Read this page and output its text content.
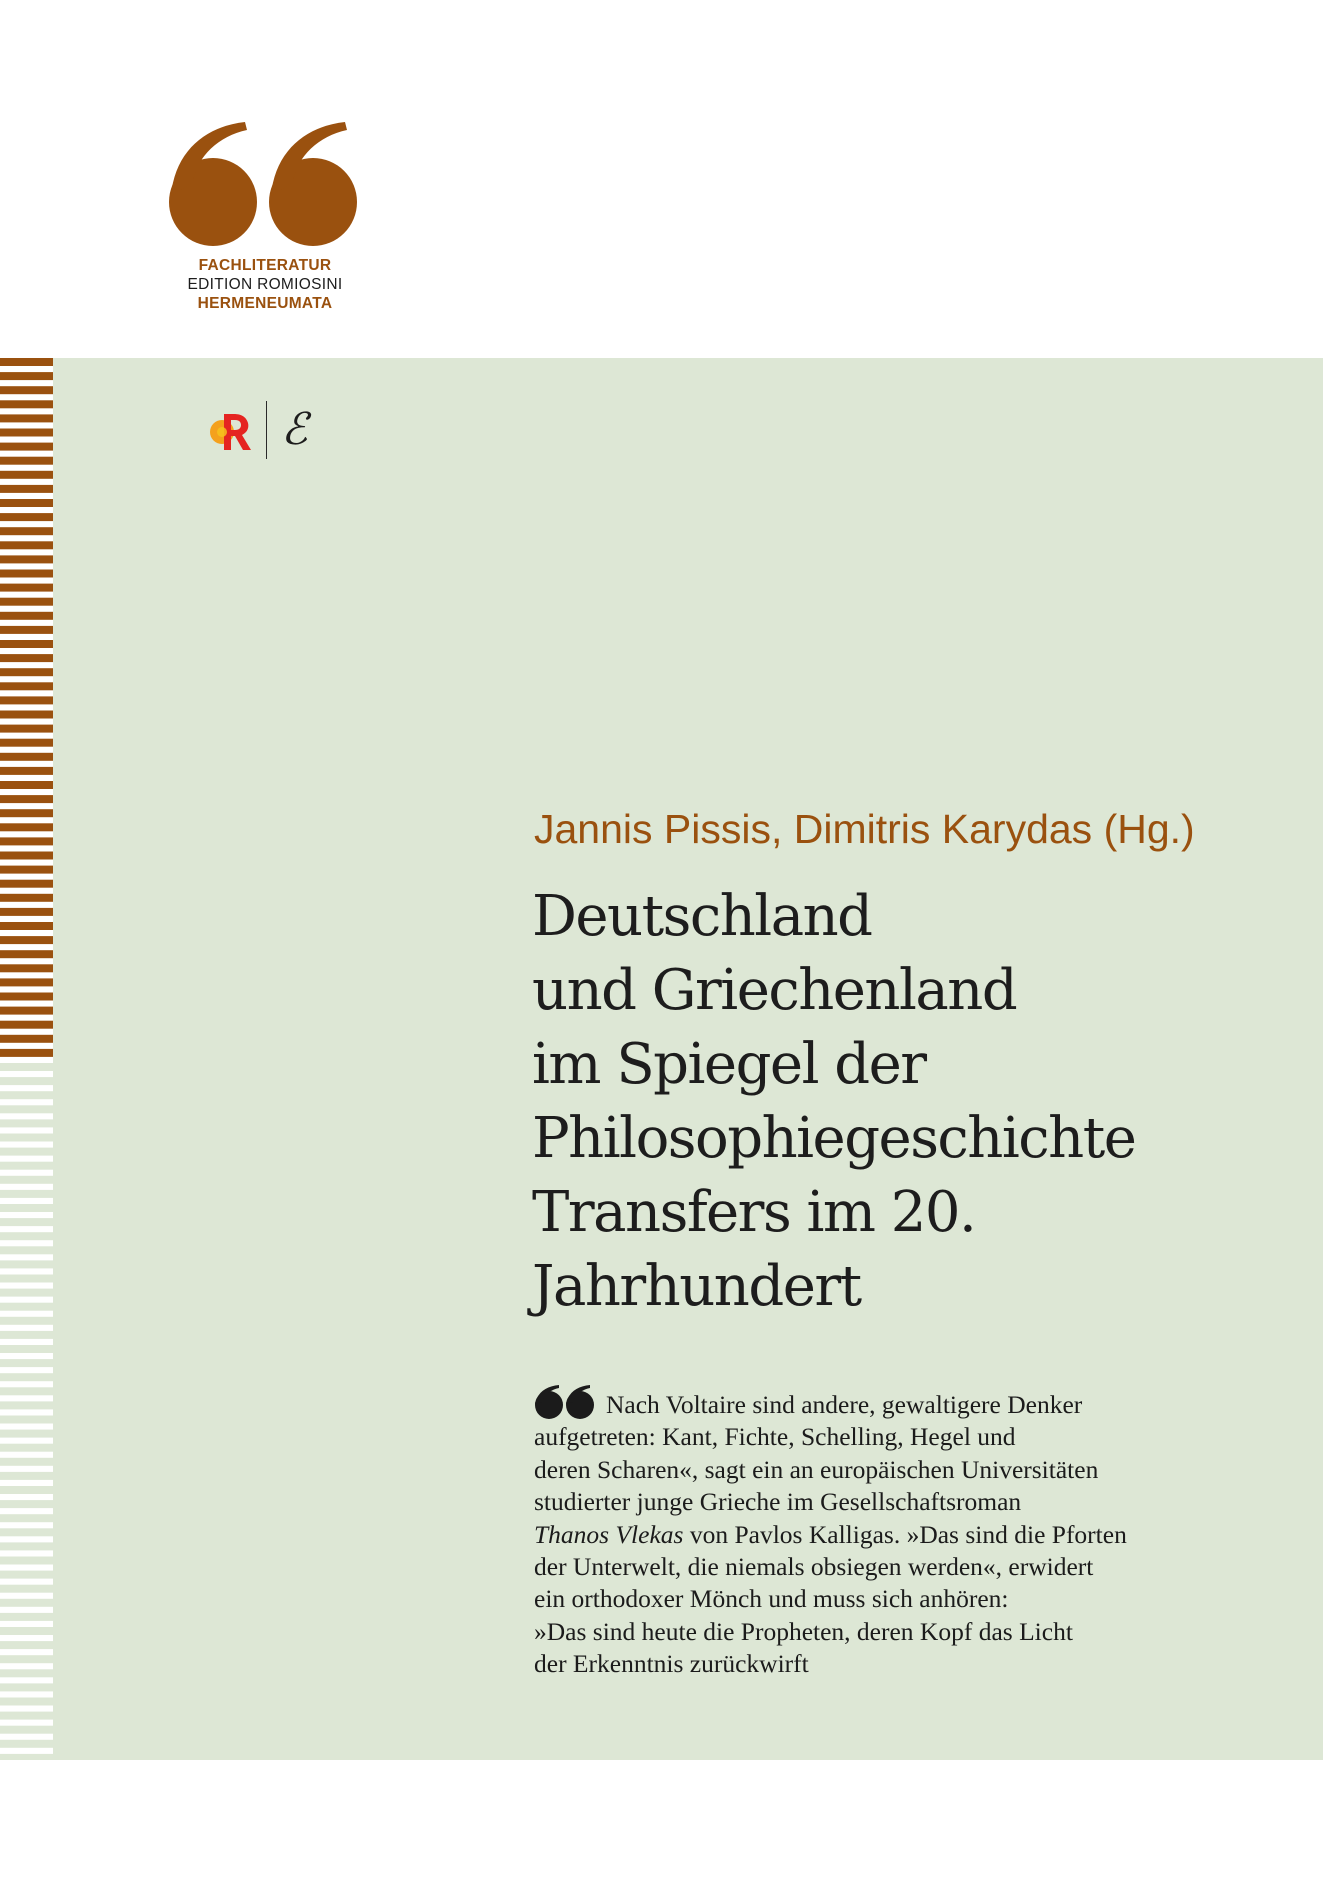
FACHLITERATUR
EDITION ROMIOSINI
HERMENEUMATA
ℰ
Jannis Pissis, Dimitris Karydas (Hg.)
Deutschland
und Griechenland
im Spiegel der
Philosophiegeschichte
Transfers im 20.
Jahrhundert
Nach Voltaire sind andere, gewaltigere Denker
aufgetreten: Kant, Fichte, Schelling, Hegel und
deren Scharen«, sagt ein an europäischen Universitäten
studierter junge Grieche im Gesellschaftsroman
Thanos Vlekas von Pavlos Kalligas. »Das sind die Pforten
der Unterwelt, die niemals obsiegen werden«, erwidert
ein orthodoxer Mönch und muss sich anhören:
»Das sind heute die Propheten, deren Kopf das Licht
der Erkenntnis zurückwirft
